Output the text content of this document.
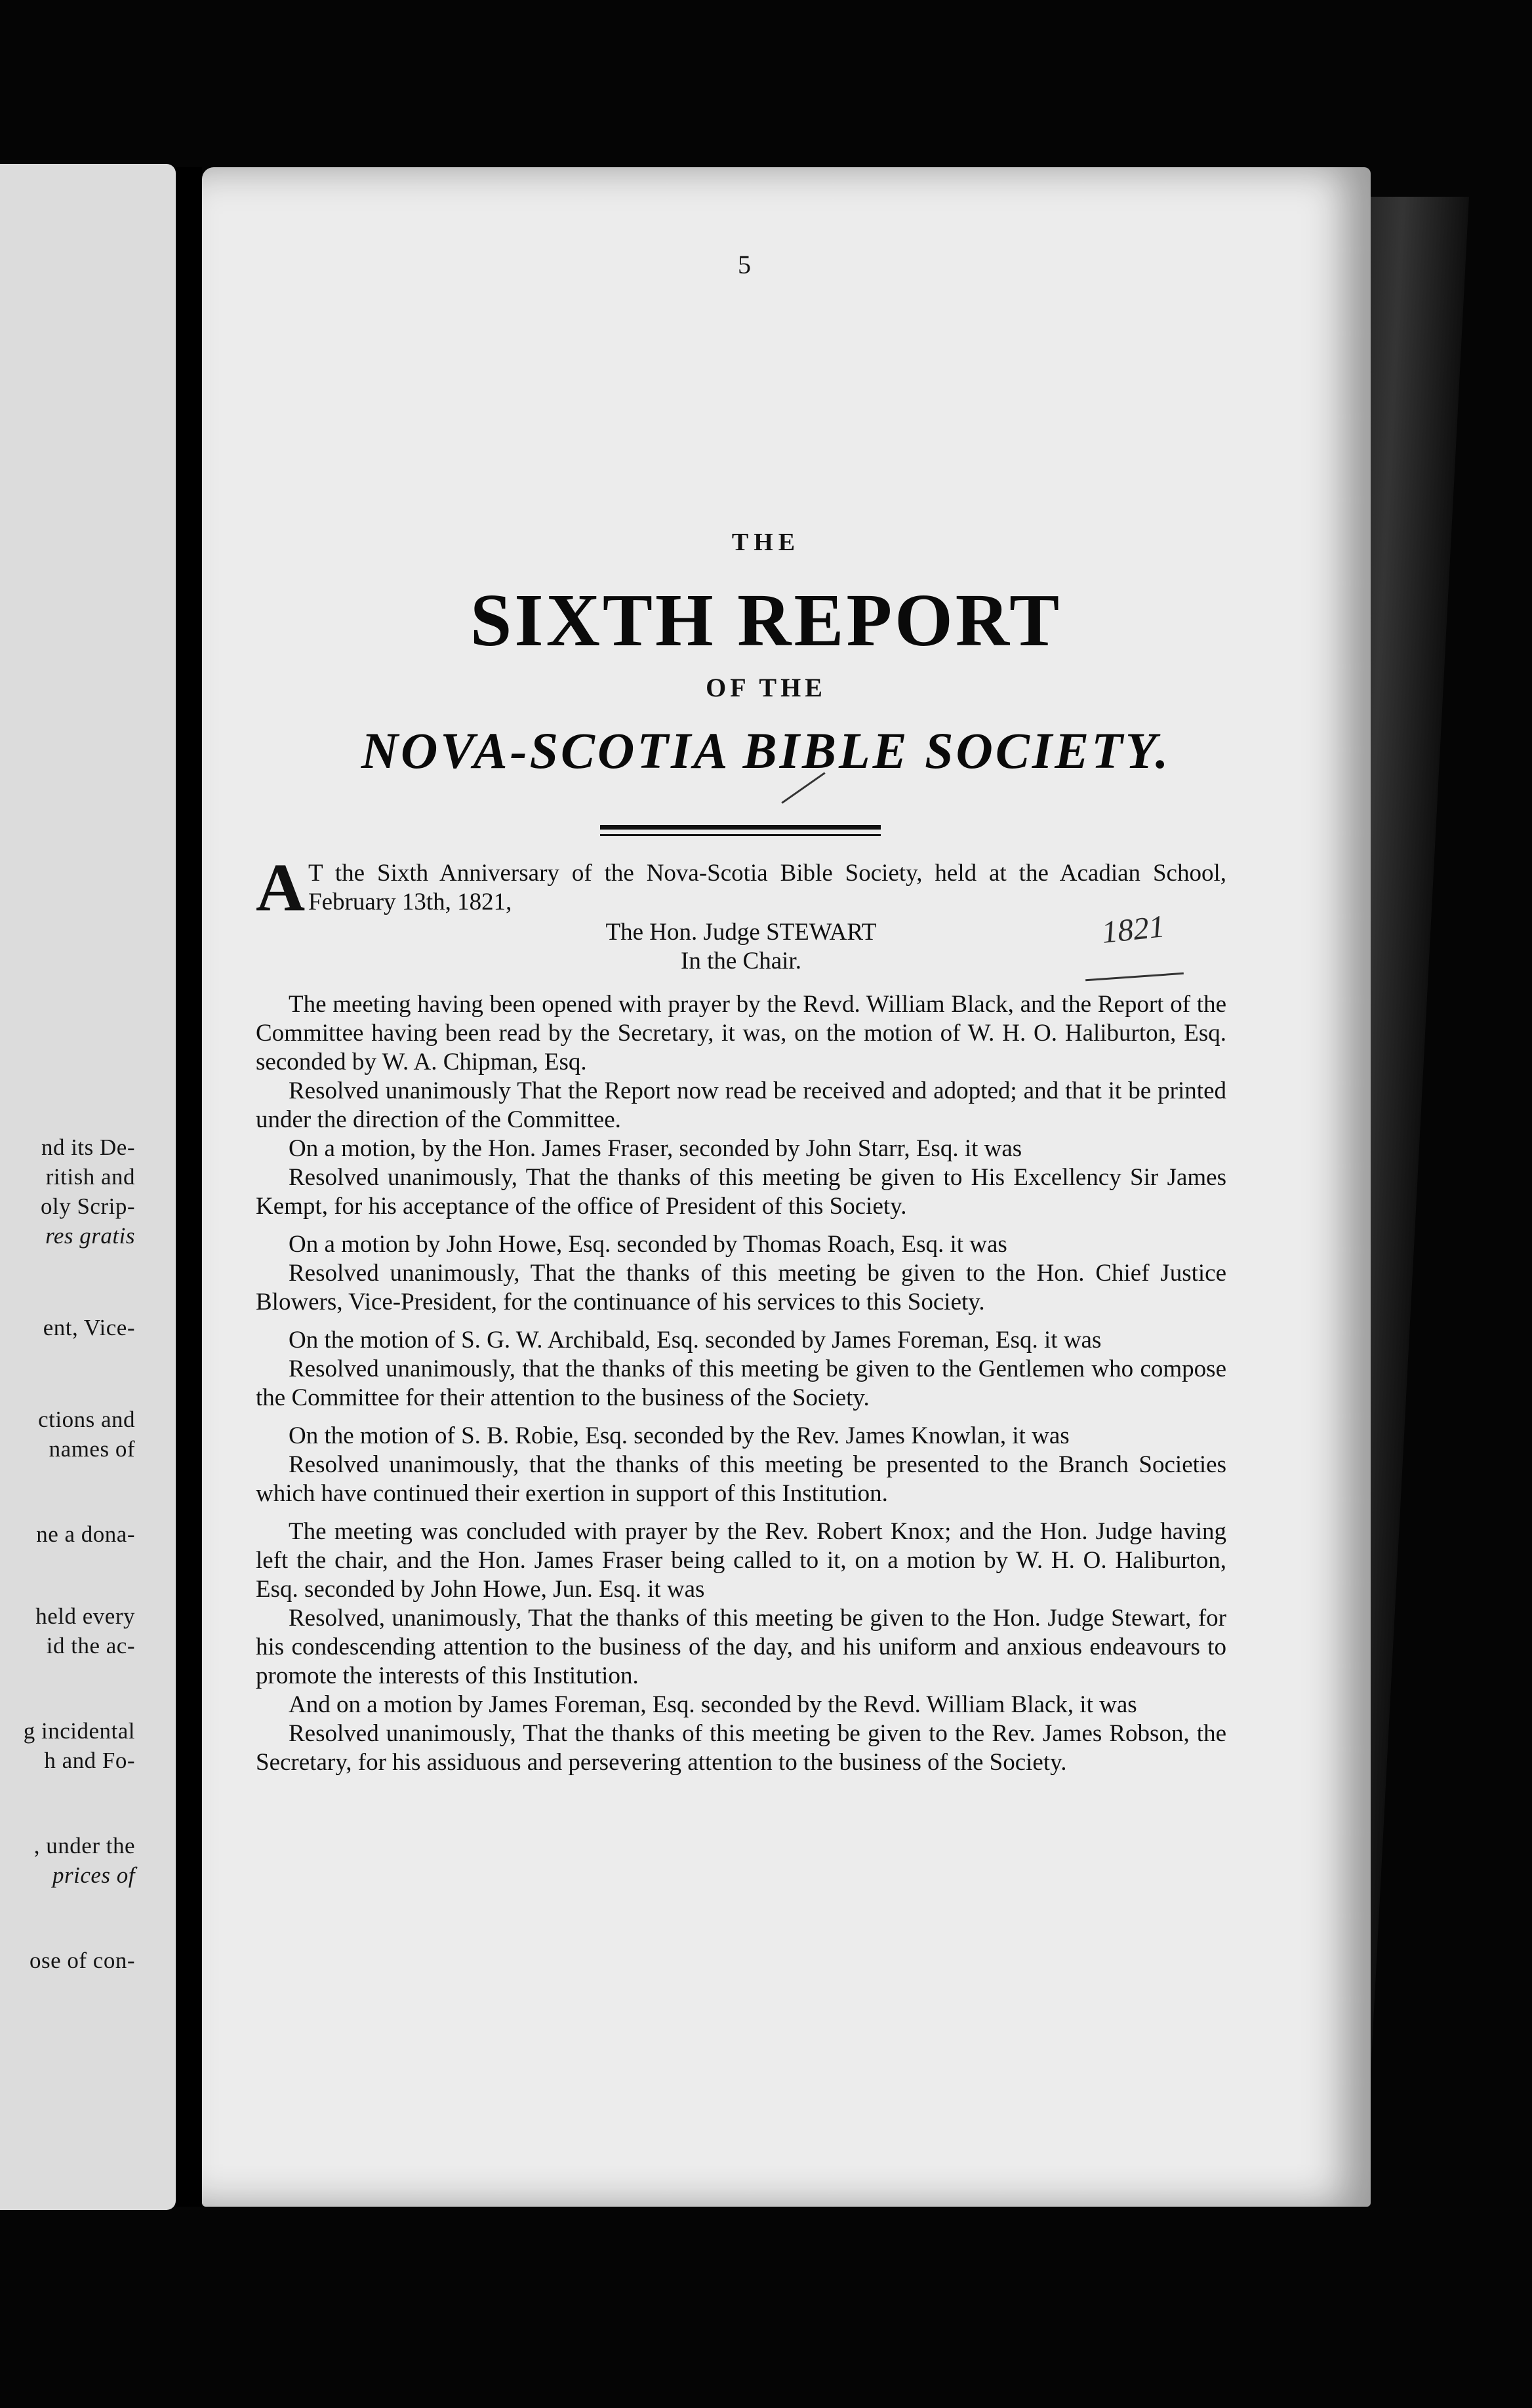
nd its De-
ritish and
oly Scrip-
res gratis
ent, Vice-
ctions and
names of
ne a dona-
held every
id the ac-
g incidental
h and Fo-
, under the
prices of
ose of con-
5
THE
SIXTH REPORT
OF THE
NOVA-SCOTIA BIBLE SOCIETY.
1821
A T the Sixth Anniversary of the Nova-Scotia Bible Society, held at the Acadian School, February 13th, 1821,

The Hon. Judge STEWART

In the Chair.

The meeting having been opened with prayer by the Revd. William Black, and the Report of the Committee having been read by the Secretary, it was, on the motion of W. H. O. Haliburton, Esq. seconded by W. A. Chipman, Esq.

Resolved unanimously That the Report now read be received and adopted; and that it be printed under the direction of the Committee.

On a motion, by the Hon. James Fraser, seconded by John Starr, Esq. it was

Resolved unanimously, That the thanks of this meeting be given to His Excellency Sir James Kempt, for his acceptance of the office of President of this Society.

On a motion by John Howe, Esq. seconded by Thomas Roach, Esq. it was

Resolved unanimously, That the thanks of this meeting be given to the Hon. Chief Justice Blowers, Vice-President, for the continuance of his services to this Society.

On the motion of S. G. W. Archibald, Esq. seconded by James Foreman, Esq. it was

Resolved unanimously, that the thanks of this meeting be given to the Gentlemen who compose the Committee for their attention to the business of the Society.

On the motion of S. B. Robie, Esq. seconded by the Rev. James Knowlan, it was

Resolved unanimously, that the thanks of this meeting be presented to the Branch Societies which have continued their exertion in support of this Institution.

The meeting was concluded with prayer by the Rev. Robert Knox; and the Hon. Judge having left the chair, and the Hon. James Fraser being called to it, on a motion by W. H. O. Haliburton, Esq. seconded by John Howe, Jun. Esq. it was

Resolved, unanimously, That the thanks of this meeting be given to the Hon. Judge Stewart, for his condescending attention to the business of the day, and his uniform and anxious endeavours to promote the interests of this Institution.

And on a motion by James Foreman, Esq. seconded by the Revd. William Black, it was

Resolved unanimously, That the thanks of this meeting be given to the Rev. James Robson, the Secretary, for his assiduous and persevering attention to the business of the Society.
